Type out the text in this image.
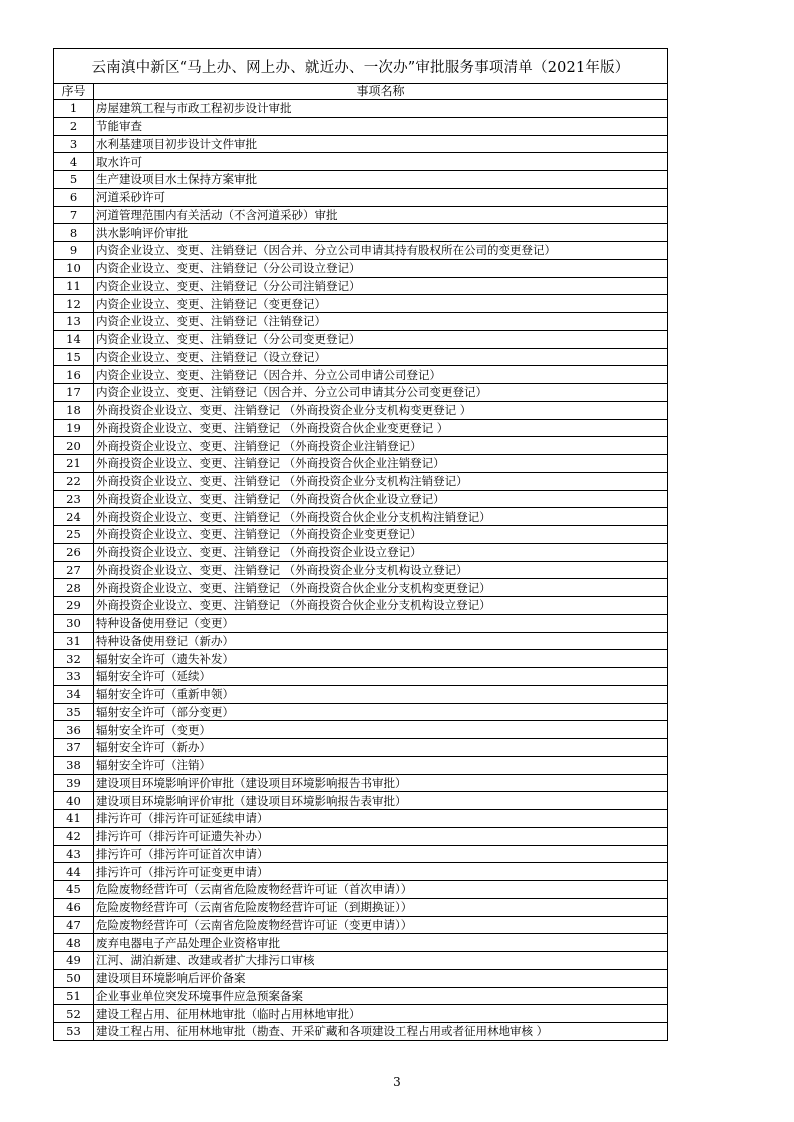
云南滇中新区“马上办、网上办、就近办、一次办”审批服务事项清单（2021年版）	
序号	事项名称
1	房屋建筑工程与市政工程初步设计审批
2	节能审查
3	水利基建项目初步设计文件审批
4	取水许可
5	生产建设项目水土保持方案审批
6	河道采砂许可
7	河道管理范围内有关活动（不含河道采砂）审批
8	洪水影响评价审批
9	内资企业设立、变更、注销登记（因合并、分立公司申请其持有股权所在公司的变更登记）
10	内资企业设立、变更、注销登记（分公司设立登记）
11	内资企业设立、变更、注销登记（分公司注销登记）
12	内资企业设立、变更、注销登记（变更登记）
13	内资企业设立、变更、注销登记（注销登记）
14	内资企业设立、变更、注销登记（分公司变更登记）
15	内资企业设立、变更、注销登记（设立登记）
16	内资企业设立、变更、注销登记（因合并、分立公司申请公司登记）
17	内资企业设立、变更、注销登记（因合并、分立公司申请其分公司变更登记）
18	外商投资企业设立、变更、注销登记 （外商投资企业分支机构变更登记 ）
19	外商投资企业设立、变更、注销登记 （外商投资合伙企业变更登记 ）
20	外商投资企业设立、变更、注销登记 （外商投资企业注销登记）
21	外商投资企业设立、变更、注销登记 （外商投资合伙企业注销登记）
22	外商投资企业设立、变更、注销登记 （外商投资企业分支机构注销登记）
23	外商投资企业设立、变更、注销登记 （外商投资合伙企业设立登记）
24	外商投资企业设立、变更、注销登记 （外商投资合伙企业分支机构注销登记）
25	外商投资企业设立、变更、注销登记 （外商投资企业变更登记）
26	外商投资企业设立、变更、注销登记 （外商投资企业设立登记）
27	外商投资企业设立、变更、注销登记 （外商投资企业分支机构设立登记）
28	外商投资企业设立、变更、注销登记 （外商投资合伙企业分支机构变更登记）
29	外商投资企业设立、变更、注销登记 （外商投资合伙企业分支机构设立登记）
30	特种设备使用登记（变更）
31	特种设备使用登记（新办）
32	辐射安全许可（遗失补发）
33	辐射安全许可（延续）
34	辐射安全许可（重新申领）
35	辐射安全许可（部分变更）
36	辐射安全许可（变更）
37	辐射安全许可（新办）
38	辐射安全许可（注销）
39	建设项目环境影响评价审批（建设项目环境影响报告书审批）
40	建设项目环境影响评价审批（建设项目环境影响报告表审批）
41	排污许可（排污许可证延续申请）
42	排污许可（排污许可证遗失补办）
43	排污许可（排污许可证首次申请）
44	排污许可（排污许可证变更申请）
45	危险废物经营许可（云南省危险废物经营许可证（首次申请））
46	危险废物经营许可（云南省危险废物经营许可证（到期换证））
47	危险废物经营许可（云南省危险废物经营许可证（变更申请））
48	废弃电器电子产品处理企业资格审批
49	江河、湖泊新建、改建或者扩大排污口审核
50	建设项目环境影响后评价备案
51	企业事业单位突发环境事件应急预案备案
52	建设工程占用、征用林地审批（临时占用林地审批）
53	建设工程占用、征用林地审批（勘查、开采矿藏和各项建设工程占用或者征用林地审核 ）
3
